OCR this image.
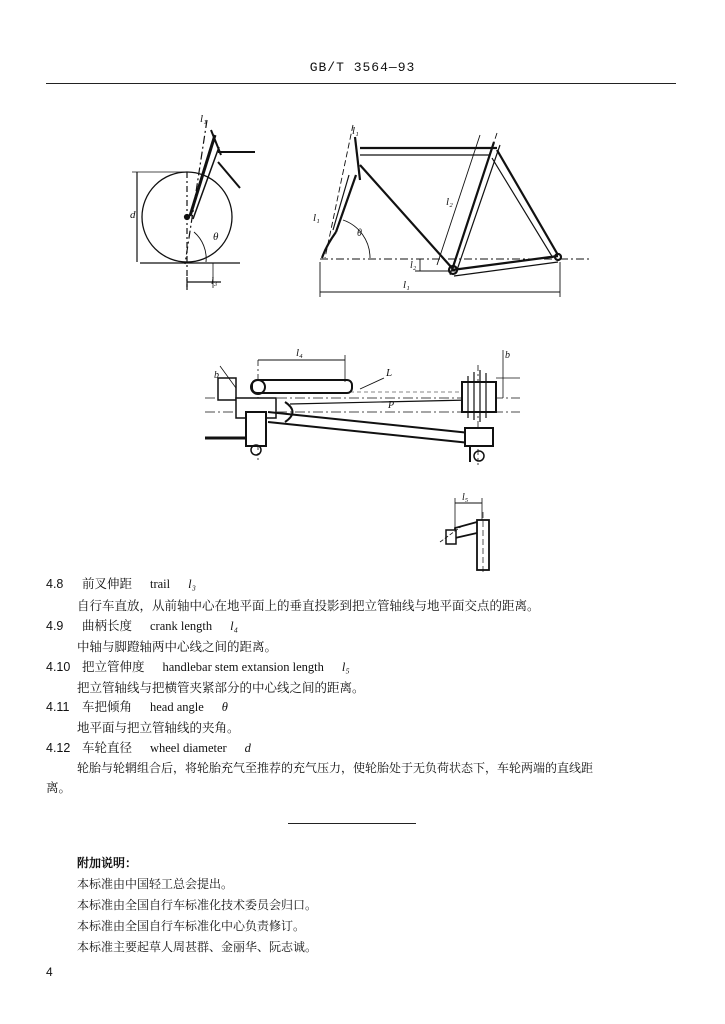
GB/T 3564—93
l₁
d
θ
l₃
l₁
l₁
θ
l₂
l₂
l₁
l₄
L
P
b
b
l₅
4.8 前叉伸距 trail l₃
自行车直放，从前轴中心在地平面上的垂直投影到把立管轴线与地平面交点的距离。
4.9 曲柄长度 crank length l₄
中轴与脚蹬轴两中心线之间的距离。
4.10 把立管伸度 handlebar stem extansion length l₅
把立管轴线与把横管夹紧部分的中心线之间的距离。
4.11 车把倾角 head angle θ
地平面与把立管轴线的夹角。
4.12 车轮直径 wheel diameter d
轮胎与轮辋组合后，将轮胎充气至推荐的充气压力，使轮胎处于无负荷状态下，车轮两端的直线距
离。
附加说明：
本标准由中国轻工总会提出。
本标准由全国自行车标准化技术委员会归口。
本标准由全国自行车标准化中心负责修订。
本标准主要起草人周甚群、金丽华、阮志诚。
4
